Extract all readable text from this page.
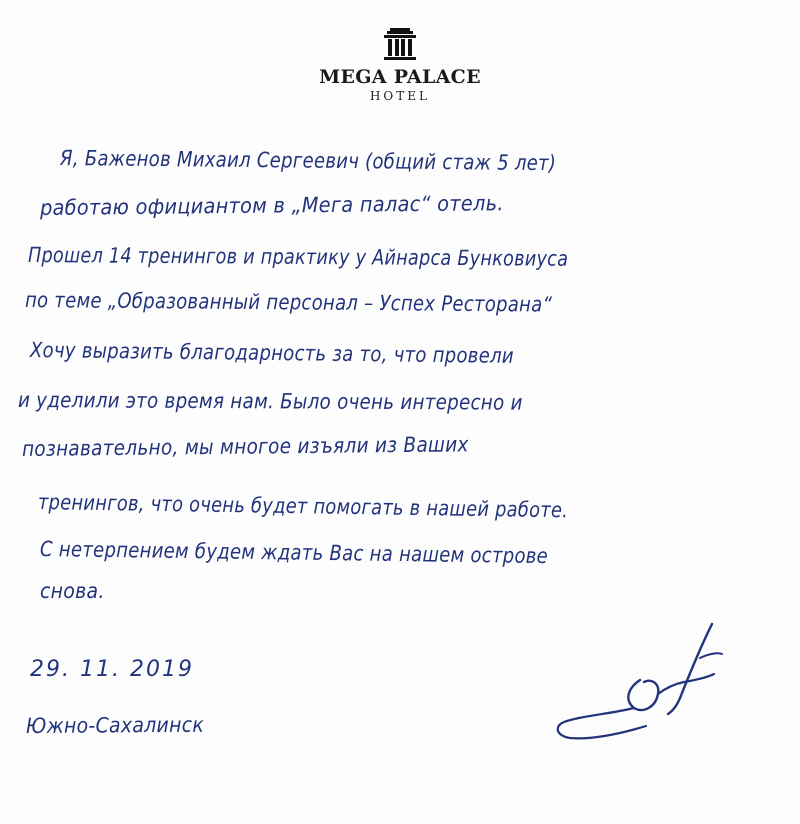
MEGA PALACE
HOTEL
Я, Баженов Михаил Сергеевич (общий стаж 5 лет)
работаю официантом в „Мега палас“ отель.
Прошел 14 тренингов и практику у Айнарса Бунковиуса
по теме „Образованный персонал – Успех Ресторана“
Хочу выразить благодарность за то, что провели
и уделили это время нам. Было очень интересно и
познавательно, мы многое изъяли из Ваших
тренингов, что очень будет помогать в нашей работе.
С нетерпением будем ждать Вас на нашем острове
снова.
29. 11. 2019
Южно-Сахалинск
